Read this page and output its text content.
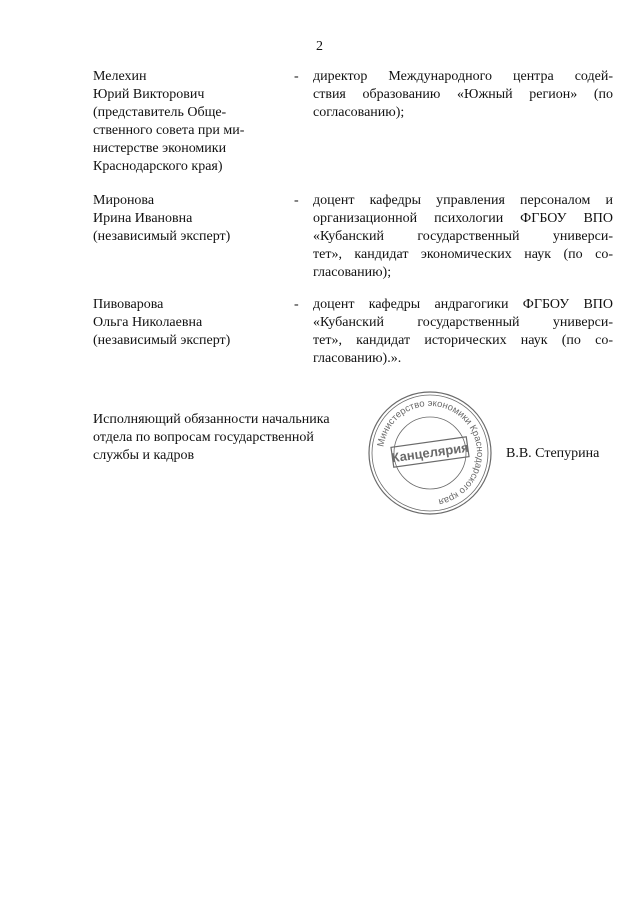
2
Мелехин
Юрий Викторович
(представитель Обще-
ственного совета при ми-
нистерстве экономики
Краснодарского края)
- директор Международного центра содей-
ствия образованию «Южный регион» (по
согласованию);
Миронова
Ирина Ивановна
(независимый эксперт)
- доцент кафедры управления персоналом и
организационной психологии ФГБОУ ВПО
«Кубанский государственный универси-
тет», кандидат экономических наук (по со-
гласованию);
Пивоварова
Ольга Николаевна
(независимый эксперт)
- доцент кафедры андрагогики ФГБОУ ВПО
«Кубанский государственный универси-
тет», кандидат исторических наук (по со-
гласованию).».
Исполняющий обязанности начальника
отдела по вопросам государственной
службы и кадров	В.В. Степурина
Министерство экономики Краснодарского края
Канцелярия
